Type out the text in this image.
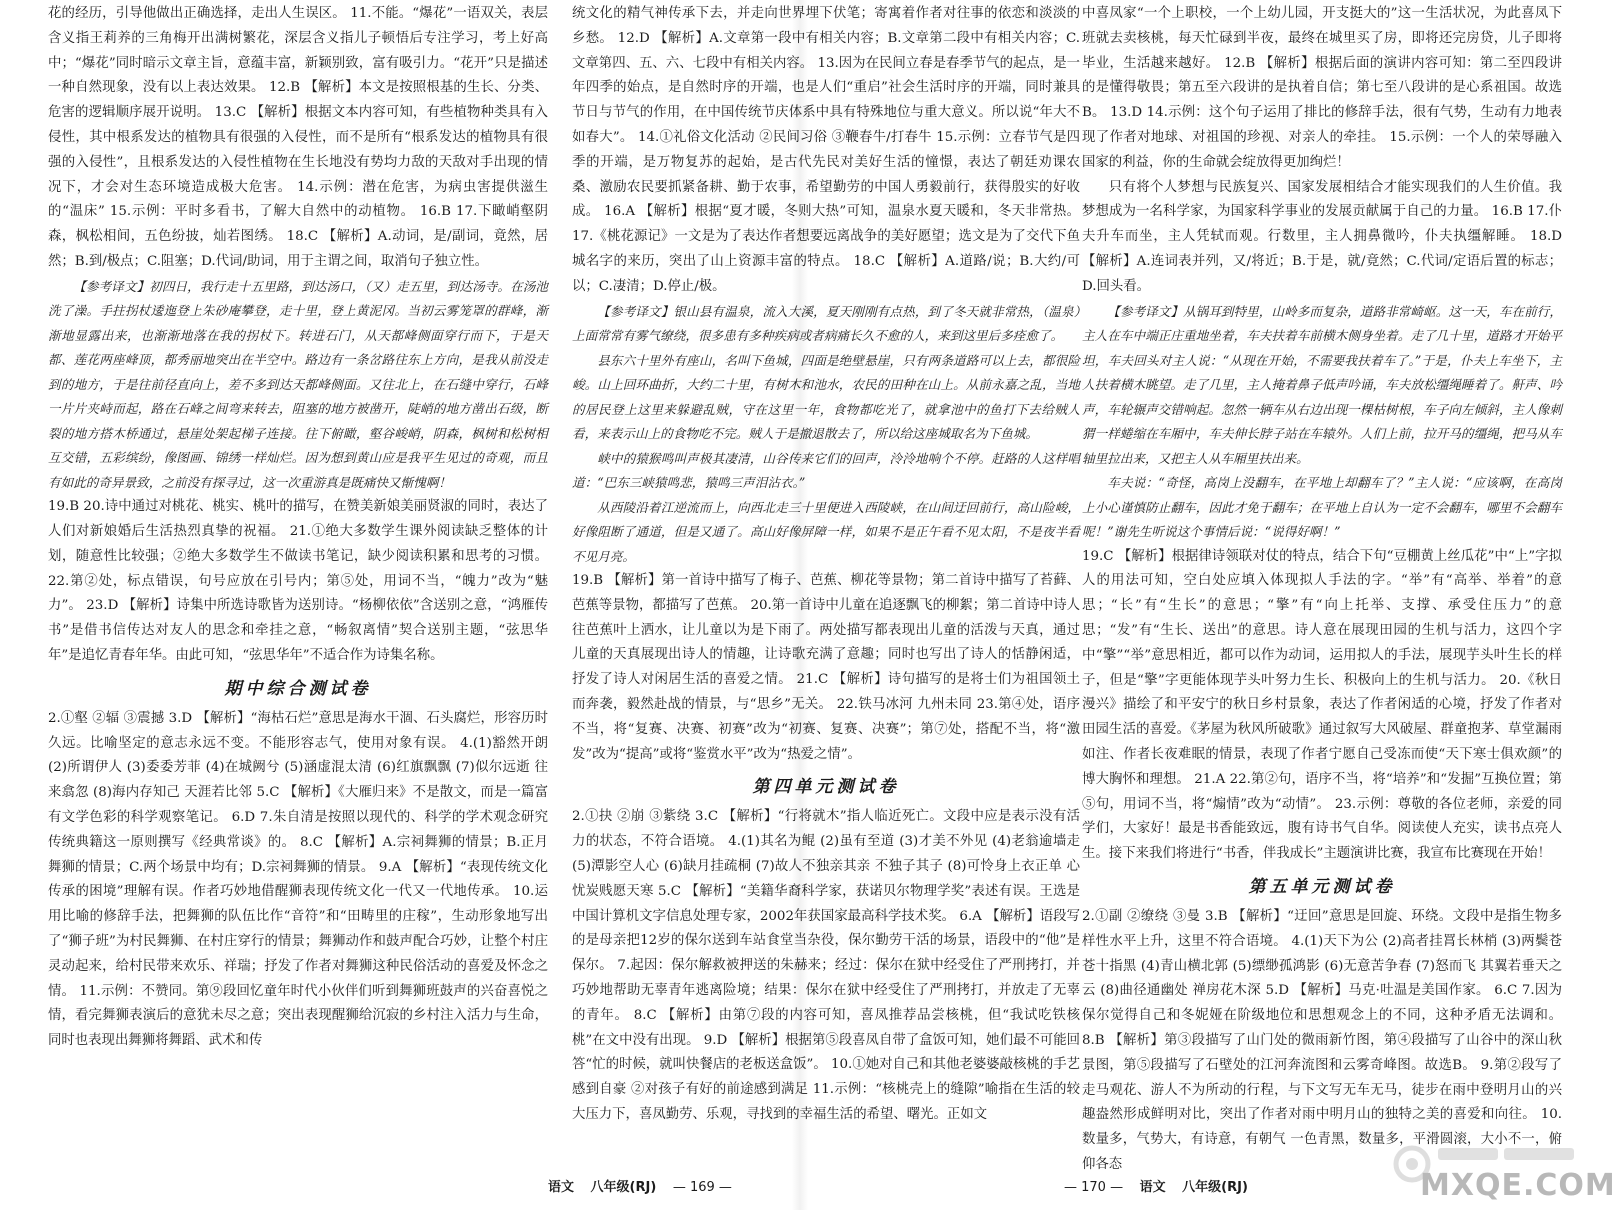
花的经历，引导他做出正确选择，走出人生误区。 11.不能。“爆花”一语双关，表层含义指王莉养的三角梅开出满树繁花，深层含义指儿子顿悟后专注学习，考上好高中；“爆花”同时暗示文章主旨，意蕴丰富，新颖别致，富有吸引力。“花开”只是描述一种自然现象，没有以上表达效果。 12.B 【解析】本文是按照根基的生长、分类、危害的逻辑顺序展开说明。 13.C 【解析】根据文本内容可知，有些植物种类具有入侵性，其中根系发达的植物具有很强的入侵性，而不是所有“根系发达的植物具有很强的入侵性”，且根系发达的入侵性植物在生长地没有势均力敌的天敌对手出现的情况下，才会对生态环境造成极大危害。 14.示例：潜在危害，为病虫害提供滋生的“温床” 15.示例：平时多看书，了解大自然中的动植物。 16.B 17.下瞰峭壑阴森，枫松相间，五色纷披，灿若图绣。 18.C 【解析】A.动词，是/副词，竟然，居然；B.到/极点；C.阻塞；D.代词/助词，用于主谓之间，取消句子独立性。

【参考译文】初四日，我行走十五里路，到达汤口，（又）走五里，到达汤寺。在汤池洗了澡。手拄拐杖逶迤登上朱砂庵攀登，走十里，登上黄泥冈。当初云雾笼罩的群峰，渐渐地显露出来，也渐渐地落在我的拐杖下。转进石门，从天都峰侧面穿行而下，于是天都、莲花两座峰顶，都秀丽地突出在半空中。路边有一条岔路往东上方向，是我从前没走到的地方，于是往前径直向上，差不多到达天都峰侧面。又往北上，在石缝中穿行，石峰一片片夹峙而起，路在石峰之间弯来转去，阻塞的地方被凿开，陡峭的地方凿出石级，断裂的地方搭木桥通过，悬崖处架起梯子连接。往下俯瞰，壑谷峻峭，阴森，枫树和松树相互交错，五彩缤纷，像图画、锦绣一样灿烂。因为想到黄山应是我平生见过的奇观，而且有如此的奇异景致，之前没有探寻过，这一次重游真是既痛快又惭愧啊！

19.B 20.诗中通过对桃花、桃实、桃叶的描写，在赞美新娘美丽贤淑的同时，表达了人们对新娘婚后生活热烈真挚的祝福。 21.①绝大多数学生课外阅读缺乏整体的计划，随意性比较强；②绝大多数学生不做读书笔记，缺少阅读积累和思考的习惯。 22.第②处，标点错误，句号应放在引号内；第⑤处，用词不当，“魄力”改为“魅力”。 23.D 【解析】诗集中所选诗歌皆为送别诗。“杨柳依依”含送别之意，“鸿雁传书”是借书信传达对友人的思念和牵挂之意，“畅叙离情”契合送别主题，“弦思华年”是追忆青春年华。由此可知，“弦思华年”不适合作为诗集名称。

期中综合测试卷

2.①壑 ②辐 ③震撼 3.D 【解析】“海枯石烂”意思是海水干涸、石头腐烂，形容历时久远。比喻坚定的意志永远不变。不能形容志气，使用对象有误。 4.(1)豁然开朗 (2)所谓伊人 (3)委委芳菲 (4)在城阙兮 (5)涵虚混太清 (6)红旗飘飘 (7)似尔远逝 往来翕忽 (8)海内存知己 天涯若比邻 5.C 【解析】《大雁归来》不是散文，而是一篇富有文学色彩的科学观察笔记。 6.D 7.朱自清是按照以现代的、科学的学术观念研究传统典籍这一原则撰写《经典常谈》的。 8.C 【解析】A.宗祠舞狮的情景；B.正月舞狮的情景；C.两个场景中均有；D.宗祠舞狮的情景。 9.A 【解析】“表现传统文化传承的困境”理解有误。作者巧妙地借醒狮表现传统文化一代又一代地传承。 10.运用比喻的修辞手法，把舞狮的队伍比作“音符”和“田畴里的庄稼”，生动形象地写出了“狮子班”为村民舞狮、在村庄穿行的情景；舞狮动作和鼓声配合巧妙，让整个村庄灵动起来，给村民带来欢乐、祥瑞；抒发了作者对舞狮这种民俗活动的喜爱及怀念之情。 11.示例：不赞同。第⑨段回忆童年时代小伙伴们听到舞狮班鼓声的兴奋喜悦之情，看完舞狮表演后的意犹未尽之意；突出表现醒狮给沉寂的乡村注入活力与生命，同时也表现出舞狮将舞蹈、武术和传

统文化的精气神传承下去，并走向世界埋下伏笔；寄寓着作者对往事的依恋和淡淡的乡愁。 12.D 【解析】A.文章第一段中有相关内容；B.文章第二段中有相关内容；C.文章第四、五、六、七段中有相关内容。 13.因为在民间立春是春季节气的起点，是一年四季的始点，是自然时序的开端，也是人们“重启”社会生活时序的开端，同时兼具节日与节气的作用，在中国传统节庆体系中具有特殊地位与重大意义。所以说“年大不如春大”。 14.①礼俗文化活动 ②民间习俗 ③鞭春牛/打春牛 15.示例：立春节气是四季的开端，是万物复苏的起始，是古代先民对美好生活的憧憬，表达了朝廷劝课农桑、激励农民要抓紧备耕、勤于农事，希望勤劳的中国人勇毅前行，获得殷实的好收成。 16.A 【解析】根据“夏才暖，冬则大热”可知，温泉水夏天暖和，冬天非常热。 17.《桃花源记》一文是为了表达作者想要远离战争的美好愿望；选文是为了交代下鱼城名字的来历，突出了山上资源丰富的特点。 18.C 【解析】A.道路/说；B.大约/可以；C.凄清；D.停止/极。

【参考译文】银山县有温泉，流入大溪，夏天刚刚有点热，到了冬天就非常热，（温泉）上面常常有雾气缭绕，很多患有多种疾病或者病痛长久不愈的人，来到这里后多痊愈了。

县东六十里外有座山，名叫下鱼城，四面是绝壁悬崖，只有两条道路可以上去，都很险峻。山上回环曲折，大约二十里，有树木和池水，农民的田种在山上。从前永嘉之乱，当地的居民登上这里来躲避乱贼，守在这里一年，食物都吃光了，就拿池中的鱼打下去给贼人看，来表示山上的食物吃不完。贼人于是撤退散去了，所以给这座城取名为下鱼城。

峡中的猿猴鸣叫声极其凄清，山谷传来它们的回声，泠泠地响个不停。赶路的人这样唱道：“巴东三峡猿鸣悲，猿鸣三声泪沾衣。”

从西陵沿着江逆流而上，向西北走三十里便进入西陵峡，在山间迂回前行，高山险峻，好像阻断了通道，但是又通了。高山好像屏障一样，如果不是正午看不见太阳，不是夜半看不见月亮。

19.B 【解析】第一首诗中描写了梅子、芭蕉、柳花等景物；第二首诗中描写了苔藓、芭蕉等景物，都描写了芭蕉。 20.第一首诗中儿童在追逐飘飞的柳絮；第二首诗中诗人往芭蕉叶上洒水，让儿童以为是下雨了。两处描写都表现出儿童的活泼与天真，通过儿童的天真展现出诗人的情趣，让诗歌充满了意趣；同时也写出了诗人的恬静闲适，抒发了诗人对闲居生活的喜爱之情。 21.C 【解析】诗句描写的是将士们为祖国领土而奔袭，毅然赴战的情景，与“思乡”无关。 22.铁马冰河 九州未同 23.第④处，语序不当，将“复赛、决赛、初赛”改为“初赛、复赛、决赛”；第⑦处，搭配不当，将“激发”改为“提高”或将“鉴赏水平”改为“热爱之情”。

第四单元测试卷

2.①抉 ②崩 ③紫绕 3.C 【解析】“行将就木”指人临近死亡。文段中应是表示没有活力的状态，不符合语境。 4.(1)其名为鲲 (2)虽有至道 (3)才美不外见 (4)老翁逾墙走 (5)潭影空人心 (6)缺月挂疏桐 (7)故人不独亲其亲 不独子其子 (8)可怜身上衣正单 心忧炭贱愿天寒 5.C 【解析】“美籍华裔科学家，获诺贝尔物理学奖”表述有误。王选是中国计算机文字信息处理专家，2002年获国家最高科学技术奖。 6.A 【解析】语段写的是母亲把12岁的保尔送到车站食堂当杂役，保尔勤劳干活的场景，语段中的“他”是保尔。 7.起因：保尔解救被押送的朱赫来；经过：保尔在狱中经受住了严刑拷打，并巧妙地帮助无辜青年逃离险境；结果：保尔在狱中经受住了严刑拷打，并放走了无辜的青年。 8.C 【解析】由第⑦段的内容可知，喜凤推荐品尝核桃，但“我试吃铁核桃”在文中没有出现。 9.D 【解析】根据第⑤段喜凤自带了盒饭可知，她们最不可能回答“忙的时候，就叫快餐店的老板送盒饭”。 10.①她对自己和其他老婆婆敲核桃的手艺感到自豪 ②对孩子有好的前途感到满足 11.示例：“核桃壳上的缝隙”喻指在生活的较大压力下，喜凤勤劳、乐观，寻找到的幸福生活的希望、曙光。正如文

中喜凤家“一个上职校，一个上幼儿园，开支挺大的”这一生活状况，为此喜凤下班就去卖核桃，每天忙碌到半夜，最终在城里买了房，即将还完房贷，儿子即将毕业，生活越来越好。 12.B 【解析】根据后面的演讲内容可知：第二至四段讲的是懂得敬畏；第五至六段讲的是执着自信；第七至八段讲的是心系祖国。故选B。 13.D 14.示例：这个句子运用了排比的修辞手法，很有气势，生动有力地表现了作者对地球、对祖国的珍视、对亲人的牵挂。 15.示例：一个人的荣辱融入国家的利益，你的生命就会绽放得更加绚烂！

只有将个人梦想与民族复兴、国家发展相结合才能实现我们的人生价值。我梦想成为一名科学家，为国家科学事业的发展贡献属于自己的力量。 16.B 17.仆夫升车而坐，主人凭轼而观。行数里，主人拥鼻微吟，仆夫执缰解睡。 18.D 【解析】A.连词表并列，又/将近；B.于是，就/竟然；C.代词/定语后置的标志；D.回头看。

【参考译文】从锅耳到特里，山岭多而复杂，道路非常崎岖。这一天，车在前行，主人在车中端正庄重地坐着，车夫扶着车前横木侧身坐着。走了几十里，道路才开始平坦，车夫回头对主人说：“从现在开始，不需要我扶着车了。”于是，仆夫上车坐下，主人扶着横木眺望。走了几里，主人掩着鼻子低声吟诵，车夫放松缰绳睡着了。鼾声、吟声，车轮辗声交错响起。忽然一辆车从右边出现一棵枯树根，车子向左倾斜，主人像刺猬一样蜷缩在车厢中，车夫伸长脖子站在车辕外。人们上前，拉开马的缰绳，把马从车轴里拉出来，又把主人从车厢里扶出来。

车夫说：“奇怪，高岗上没翻车，在平地上却翻车了？”主人说：“应该啊，在高岗上小心谨慎防止翻车，因此才免于翻车；在平地上自认为一定不会翻车，哪里不会翻车呢！”谢先生听说这个事情后说：“说得好啊！”

19.C 【解析】根据律诗领联对仗的特点，结合下句“豆棚黄上丝瓜花”中“上”字拟人的用法可知，空白处应填入体现拟人手法的字。“举”有“高举、举着”的意思；“长”有“生长”的意思；“擎”有“向上托举、支撑、承受住压力”的意思；“发”有“生长、送出”的意思。诗人意在展现田园的生机与活力，这四个字中“擎”“举”意思相近，都可以作为动词，运用拟人的手法，展现芋头叶生长的样子，但是“擎”字更能体现芋头叶努力生长、积极向上的生机与活力。 20.《秋日漫兴》描绘了和平安宁的秋日乡村景象，表达了作者闲适的心境，抒发了作者对田园生活的喜爱。《茅屋为秋风所破歌》通过叙写大风破屋、群童抱茅、草堂漏雨如注、作者长夜难眠的情景，表现了作者宁愿自己受冻而使“天下寒士俱欢颜”的博大胸怀和理想。 21.A 22.第②句，语序不当，将“培养”和“发掘”互换位置；第⑤句，用词不当，将“煽情”改为“动情”。 23.示例：尊敬的各位老师，亲爱的同学们，大家好！最是书香能致远，腹有诗书气自华。阅读使人充实，读书点亮人生。接下来我们将进行“书香，伴我成长”主题演讲比赛，我宣布比赛现在开始！

第五单元测试卷

2.①副 ②缭绕 ③曼 3.B 【解析】“迂回”意思是回旋、环绕。文段中是指生物多样性水平上升，这里不符合语境。 4.(1)天下为公 (2)高者挂罥长林梢 (3)两鬓苍苍十指黑 (4)青山横北郭 (5)缥缈孤鸿影 (6)无意苦争春 (7)怒而飞 其翼若垂天之云 (8)曲径通幽处 禅房花木深 5.D 【解析】马克·吐温是美国作家。 6.C 7.因为保尔觉得自己和冬妮娅在阶级地位和思想观念上的不同，这种矛盾无法调和。 8.B 【解析】第③段描写了山门处的微雨新竹图，第④段描写了山谷中的深山秋景图，第⑤段描写了石壁处的江河奔流图和云雾奇峰图。故选B。 9.第②段写了走马观花、游人不为所动的行程，与下文写无车无马，徒步在雨中登明月山的兴趣盎然形成鲜明对比，突出了作者对雨中明月山的独特之美的喜爱和向往。 10.数量多，气势大，有诗意，有朝气 一色青黑，数量多，平滑圆滚，大小不一，俯仰各态

语文 八年级(RJ) — 169 —	— 170 — 语文 八年级(RJ)	MXQE.COM
